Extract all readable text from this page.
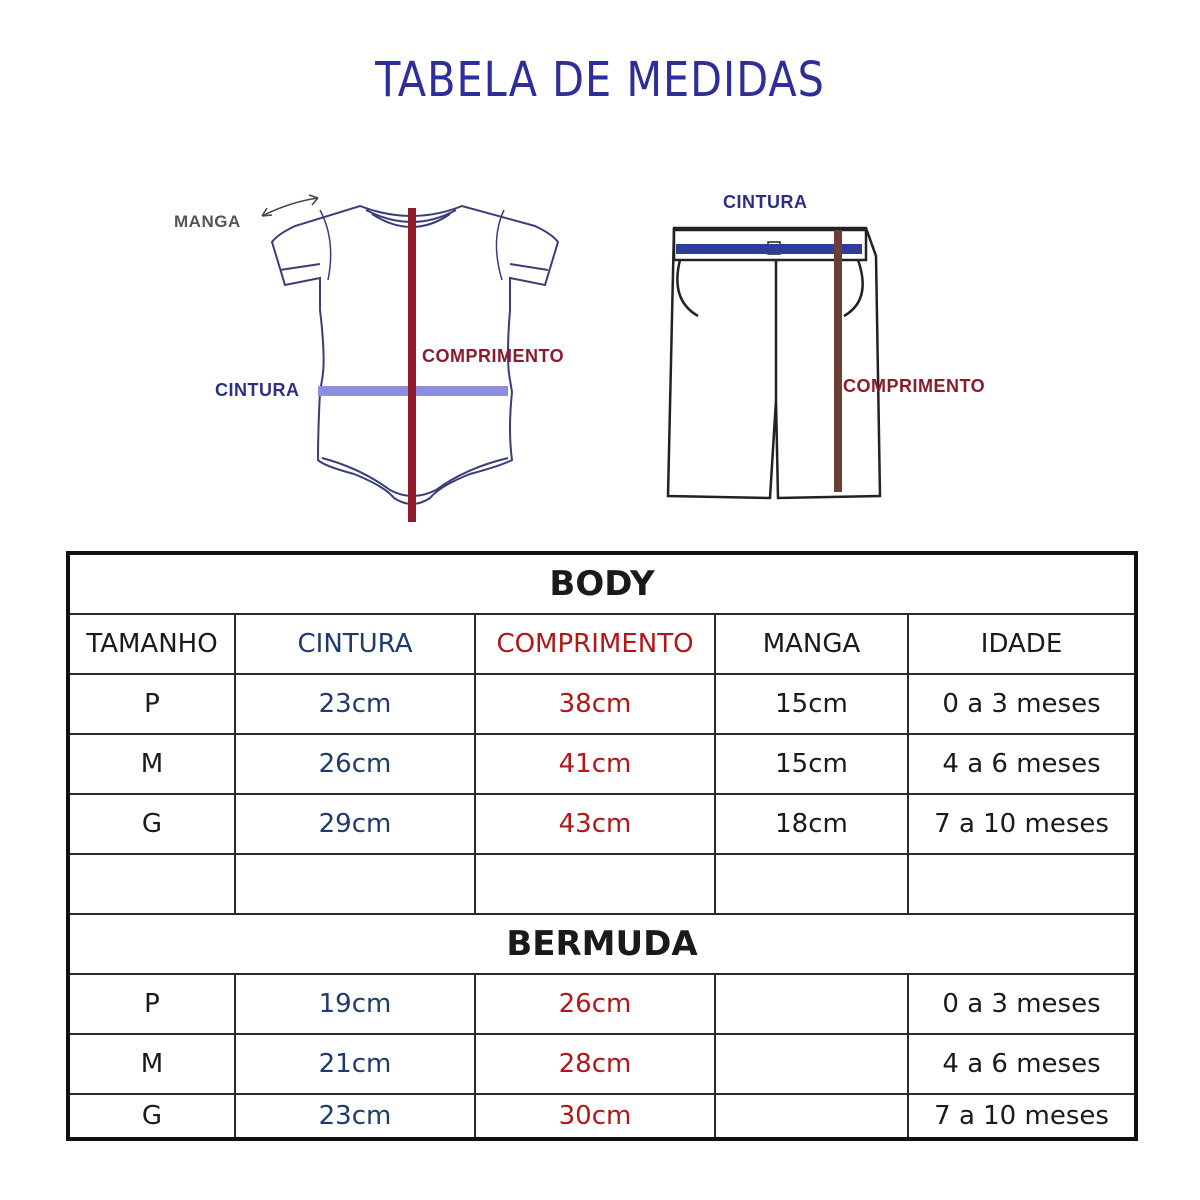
TABELA DE MEDIDAS
MANGA
COMPRIMENTO
CINTURA
CINTURA
COMPRIMENTO
BODY				
TAMANHO	CINTURA	COMPRIMENTO	MANGA	IDADE
P	23cm	38cm	15cm	0 a 3 meses
M	26cm	41cm	15cm	4 a 6 meses
G	29cm	43cm	18cm	7 a 10 meses

BERMUDA				
P	19cm	26cm		0 a 3 meses
M	21cm	28cm		4 a 6 meses
G	23cm	30cm		7 a 10 meses
